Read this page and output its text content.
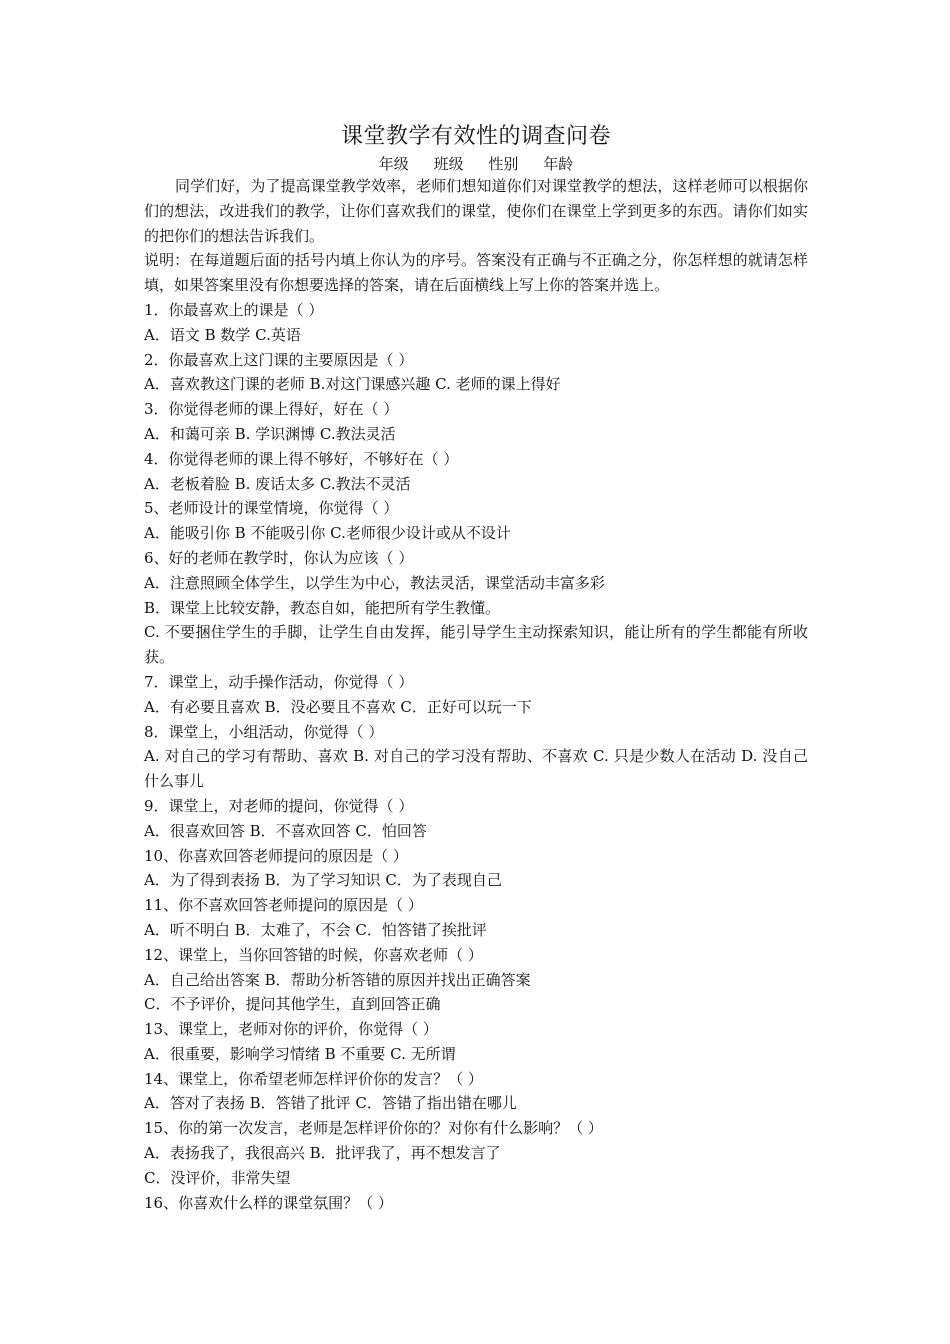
课堂教学有效性的调查问卷
年级 班级 性别 年龄

同学们好，为了提高课堂教学效率，老师们想知道你们对课堂教学的想法，这样老师可以根据你们的想法，改进我们的教学，让你们喜欢我们的课堂，使你们在课堂上学到更多的东西。请你们如实的把你们的想法告诉我们。

说明：在每道题后面的括号内填上你认为的序号。答案没有正确与不正确之分，你怎样想的就请怎样填，如果答案里没有你想要选择的答案，请在后面横线上写上你的答案并选上。

1．你最喜欢上的课是（ ）
A．语文 B 数学 C.英语
2．你最喜欢上这门课的主要原因是（ ）
A．喜欢教这门课的老师 B.对这门课感兴趣 C. 老师的课上得好
3．你觉得老师的课上得好，好在（ ）
A．和蔼可亲 B. 学识渊博 C.教法灵活
4．你觉得老师的课上得不够好，不够好在（ ）
A．老板着脸 B. 废话太多 C.教法不灵活
5、老师设计的课堂情境，你觉得（ ）
A．能吸引你 B 不能吸引你 C.老师很少设计或从不设计
6、好的老师在教学时，你认为应该（ ）
A．注意照顾全体学生，以学生为中心，教法灵活，课堂活动丰富多彩
B．课堂上比较安静，教态自如，能把所有学生教懂。
C. 不要捆住学生的手脚，让学生自由发挥，能引导学生主动探索知识，能让所有的学生都能有所收获。
7．课堂上，动手操作活动，你觉得（ ）
A．有必要且喜欢 B．没必要且不喜欢 C．正好可以玩一下
8．课堂上，小组活动，你觉得（ ）
A. 对自己的学习有帮助、喜欢 B. 对自己的学习没有帮助、不喜欢 C. 只是少数人在活动 D. 没自己什么事儿
9．课堂上，对老师的提问，你觉得（ ）
A．很喜欢回答 B．不喜欢回答 C．怕回答
10、你喜欢回答老师提问的原因是（ ）
A．为了得到表扬 B．为了学习知识 C．为了表现自己
11、你不喜欢回答老师提问的原因是（ ）
A．听不明白 B．太难了，不会 C．怕答错了挨批评
12、课堂上，当你回答错的时候，你喜欢老师（ ）
A．自己给出答案 B．帮助分析答错的原因并找出正确答案
C．不予评价，提问其他学生，直到回答正确
13、课堂上，老师对你的评价，你觉得（ ）
A．很重要，影响学习情绪 B 不重要 C. 无所谓
14、课堂上，你希望老师怎样评价你的发言？（ ）
A．答对了表扬 B．答错了批评 C．答错了指出错在哪儿
15、你的第一次发言，老师是怎样评价你的？对你有什么影响？（ ）
A．表扬我了，我很高兴 B．批评我了，再不想发言了
C．没评价，非常失望
16、你喜欢什么样的课堂氛围？（ ）
